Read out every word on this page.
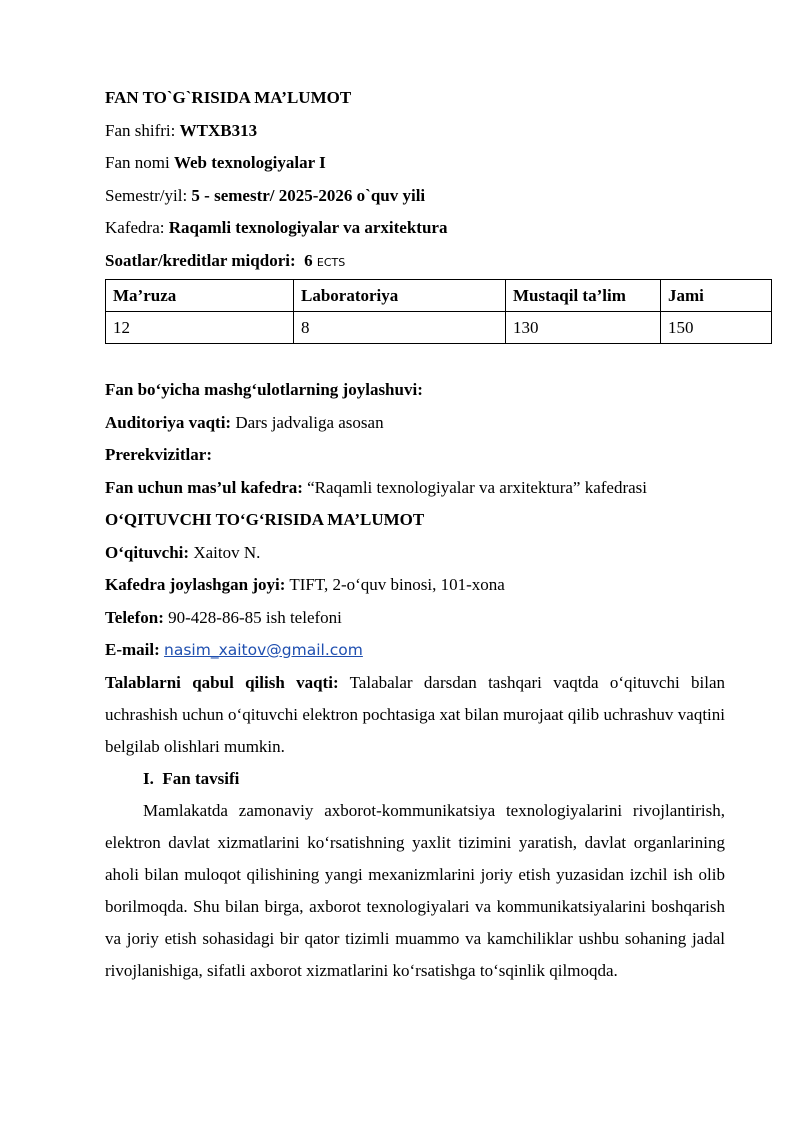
FAN TO`G`RISIDA MA’LUMOT
Fan shifri: WTXB313
Fan nomi Web texnologiyalar I
Semestr/yil: 5 - semestr/ 2025-2026 o`quv yili
Kafedra: Raqamli texnologiyalar va arxitektura
Soatlar/kreditlar miqdori: 6 ECTS
Ma’ruza	Laboratoriya	Mustaqil ta’lim	Jami
12	8	130	150
Fan bo‘yicha mashg‘ulotlarning joylashuvi:
Auditoriya vaqti: Dars jadvaliga asosan
Prerekvizitlar:
Fan uchun mas’ul kafedra: “Raqamli texnologiyalar va arxitektura” kafedrasi
O‘QITUVCHI TO‘G‘RISIDA MA’LUMOT
O‘qituvchi: Xaitov N.
Kafedra joylashgan joyi: TIFT, 2-o‘quv binosi, 101-xona
Telefon: 90-428-86-85 ish telefoni
E-mail: nasim_xaitov@gmail.com
Talablarni qabul qilish vaqti: Talabalar darsdan tashqari vaqtda o‘qituvchi bilan uchrashish uchun o‘qituvchi elektron pochtasiga xat bilan murojaat qilib uchrashuv vaqtini belgilab olishlari mumkin.
I. Fan tavsifi

Mamlakatda zamonaviy axborot-kommunikatsiya texnologiyalarini rivojlantirish, elektron davlat xizmatlarini ko‘rsatishning yaxlit tizimini yaratish, davlat organlarining aholi bilan muloqot qilishining yangi mexanizmlarini joriy etish yuzasidan izchil ish olib borilmoqda. Shu bilan birga, axborot texnologiyalari va kommunikatsiyalarini boshqarish va joriy etish sohasidagi bir qator tizimli muammo va kamchiliklar ushbu sohaning jadal rivojlanishiga, sifatli axborot xizmatlarini ko‘rsatishga to‘sqinlik qilmoqda.
